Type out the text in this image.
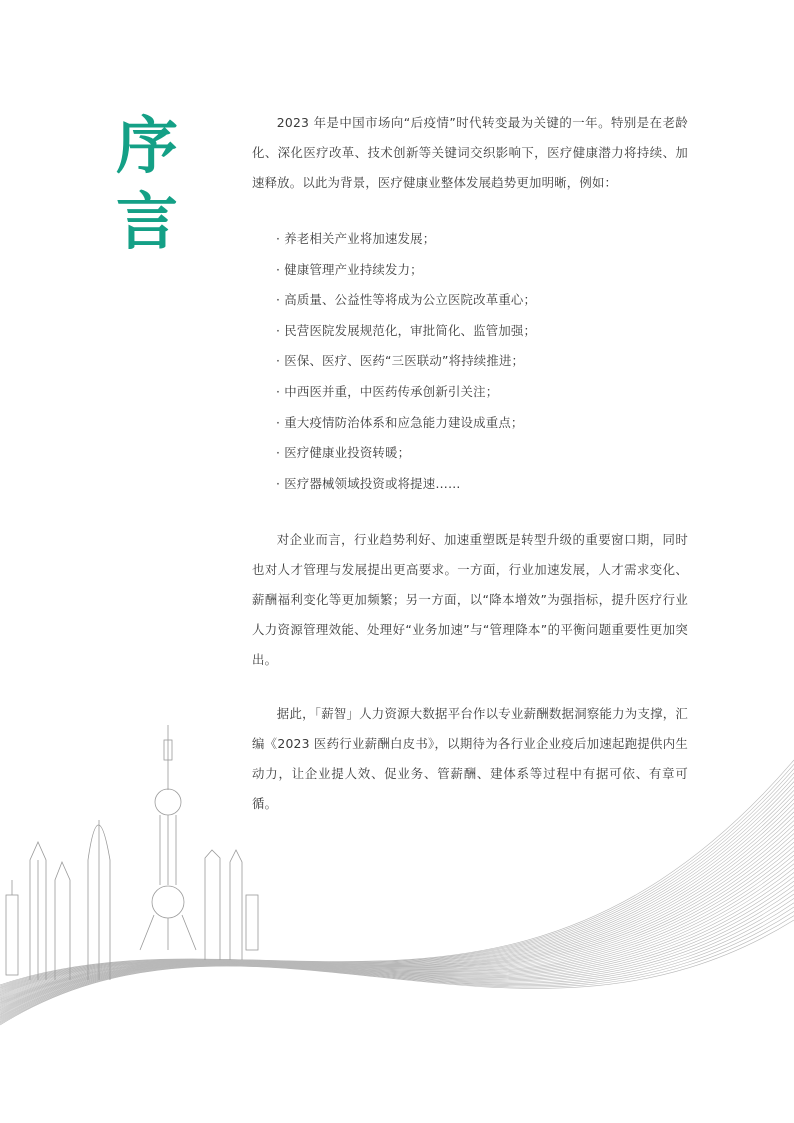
序
言

2023 年是中国市场向“后疫情”时代转变最为关键的一年。特别是在老龄化、深化医疗改革、技术创新等关键词交织影响下，医疗健康潜力将持续、加速释放。以此为背景，医疗健康业整体发展趋势更加明晰，例如：

· 养老相关产业将加速发展；
· 健康管理产业持续发力；
· 高质量、公益性等将成为公立医院改革重心；
· 民营医院发展规范化，审批简化、监管加强；
· 医保、医疗、医药“三医联动”将持续推进；
· 中西医并重，中医药传承创新引关注；
· 重大疫情防治体系和应急能力建设成重点；
· 医疗健康业投资转暖；
· 医疗器械领域投资或将提速……

对企业而言，行业趋势利好、加速重塑既是转型升级的重要窗口期，同时也对人才管理与发展提出更高要求。一方面，行业加速发展，人才需求变化、薪酬福利变化等更加频繁；另一方面，以“降本增效”为强指标，提升医疗行业人力资源管理效能、处理好“业务加速”与“管理降本”的平衡问题重要性更加突出。

据此，「薪智」人力资源大数据平台作以专业薪酬数据洞察能力为支撑，汇编《2023 医药行业薪酬白皮书》，以期待为各行业企业疫后加速起跑提供内生动力，让企业提人效、促业务、管薪酬、建体系等过程中有据可依、有章可循。
